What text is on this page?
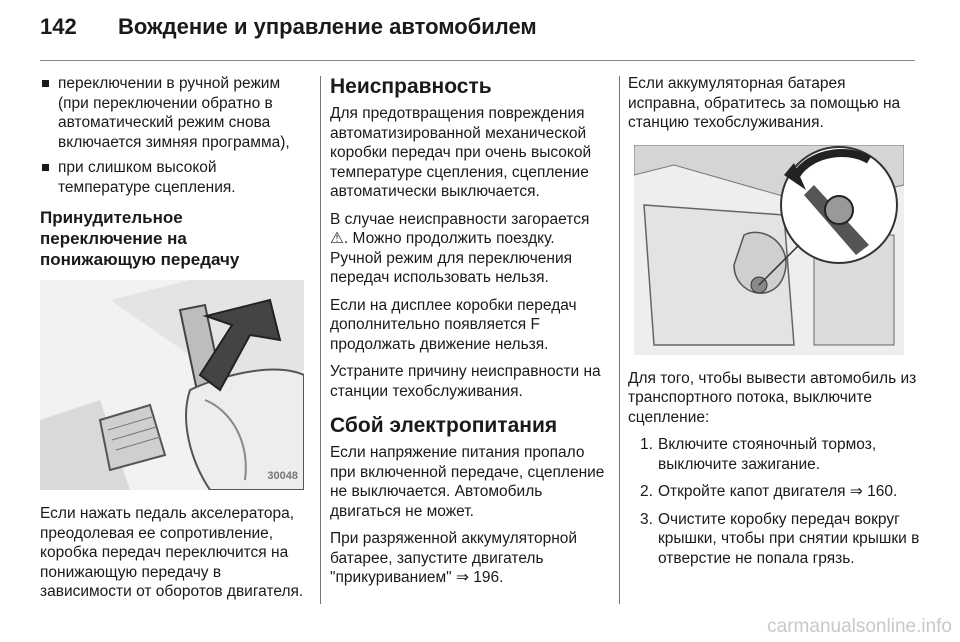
142 Вождение и управление автомобилем
переключении в ручной режим (при переключении обратно в автоматический режим снова включается зимняя программа),
при слишком высокой температуре сцепления.
Принудительное
переключение на
понижающую передачу
30048

Если нажать педаль акселератора, преодолевая ее сопротивление, коробка передач переключится на понижающую передачу в зависимости от оборотов двигателя.

Неисправность

Для предотвращения повреждения автоматизированной механической коробки передач при очень высокой температуре сцепления, сцепление автоматически выключается.

В случае неисправности загорается ⚠. Можно продолжить поездку. Ручной режим для переключения передач использовать нельзя.

Если на дисплее коробки передач дополнительно появляется F продолжать движение нельзя.

Устраните причину неисправности на станции техобслуживания.

Сбой электропитания

Если напряжение питания пропало при включенной передаче, сцепление не выключается. Автомобиль двигаться не может.

При разряженной аккумуляторной батарее, запустите двигатель "прикуриванием" ⇒ 196.

Если аккумуляторная батарея исправна, обратитесь за помощью на станцию техобслуживания.

Для того, чтобы вывести автомобиль из транспортного потока, выключите сцепление:

1. Включите стояночный тормоз, выключите зажигание.
2. Откройте капот двигателя ⇒ 160.
3. Очистите коробку передач вокруг крышки, чтобы при снятии крышки в отверстие не попала грязь.
carmanualsonline.info
